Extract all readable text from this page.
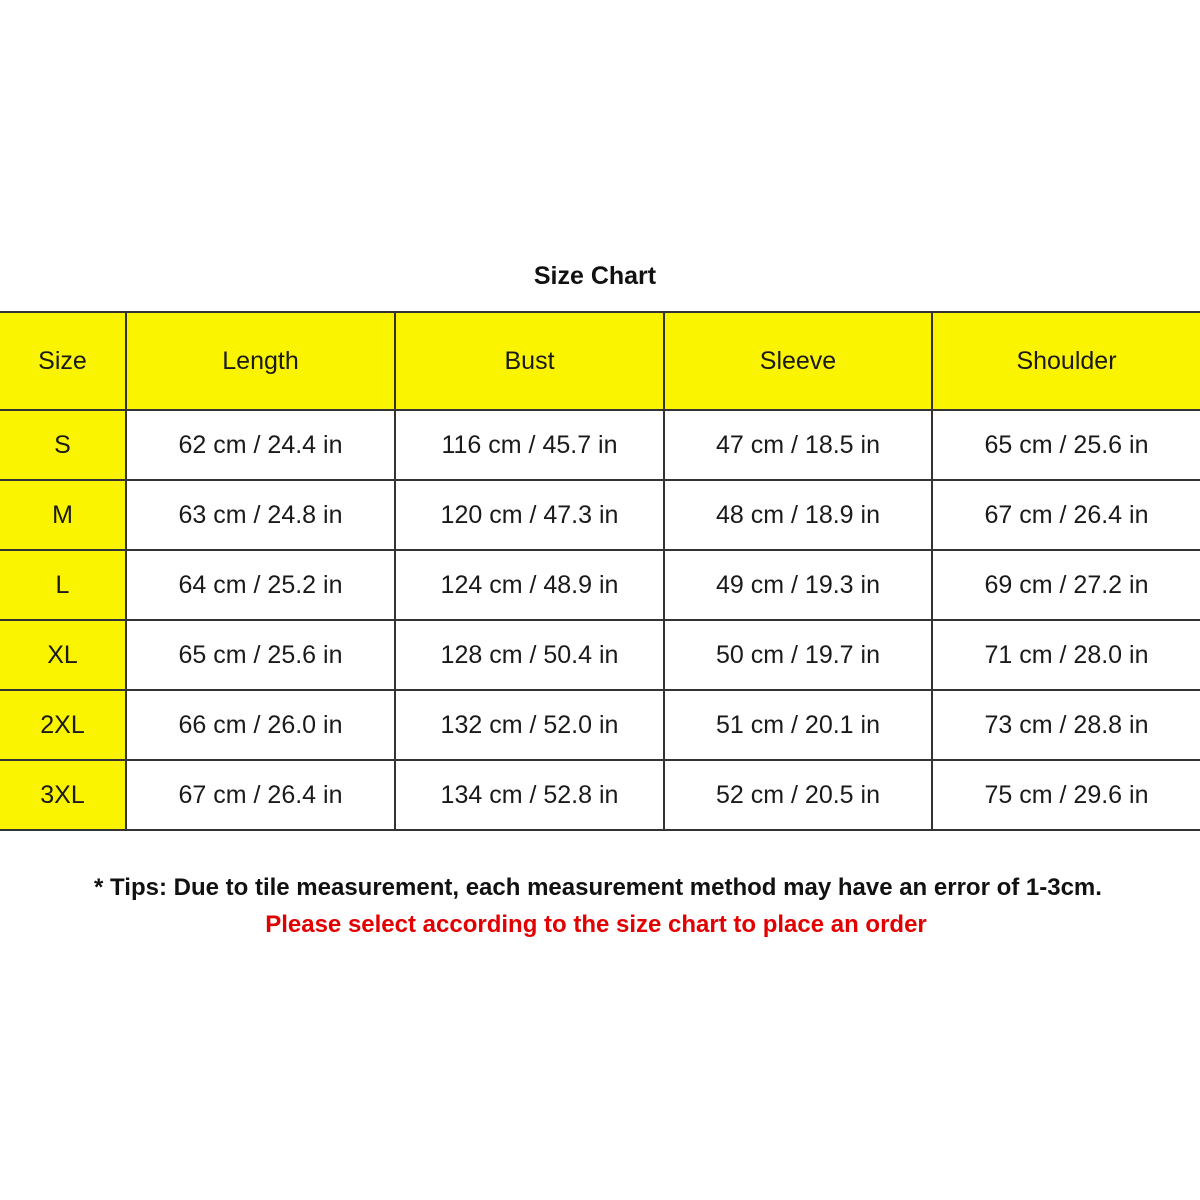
Size Chart
Size	Length	Bust	Sleeve	Shoulder
S	62 cm / 24.4 in	116 cm / 45.7 in	47 cm / 18.5 in	65 cm / 25.6 in
M	63 cm / 24.8 in	120 cm / 47.3 in	48 cm / 18.9 in	67 cm / 26.4 in
L	64 cm / 25.2 in	124 cm / 48.9 in	49 cm / 19.3 in	69 cm / 27.2 in
XL	65 cm / 25.6 in	128 cm / 50.4 in	50 cm / 19.7 in	71 cm / 28.0 in
2XL	66 cm / 26.0 in	132 cm / 52.0 in	51 cm / 20.1 in	73 cm / 28.8 in
3XL	67 cm / 26.4 in	134 cm / 52.8 in	52 cm / 20.5 in	75 cm / 29.6 in
* Tips: Due to tile measurement, each measurement method may have an error of 1-3cm.
Please select according to the size chart to place an order
